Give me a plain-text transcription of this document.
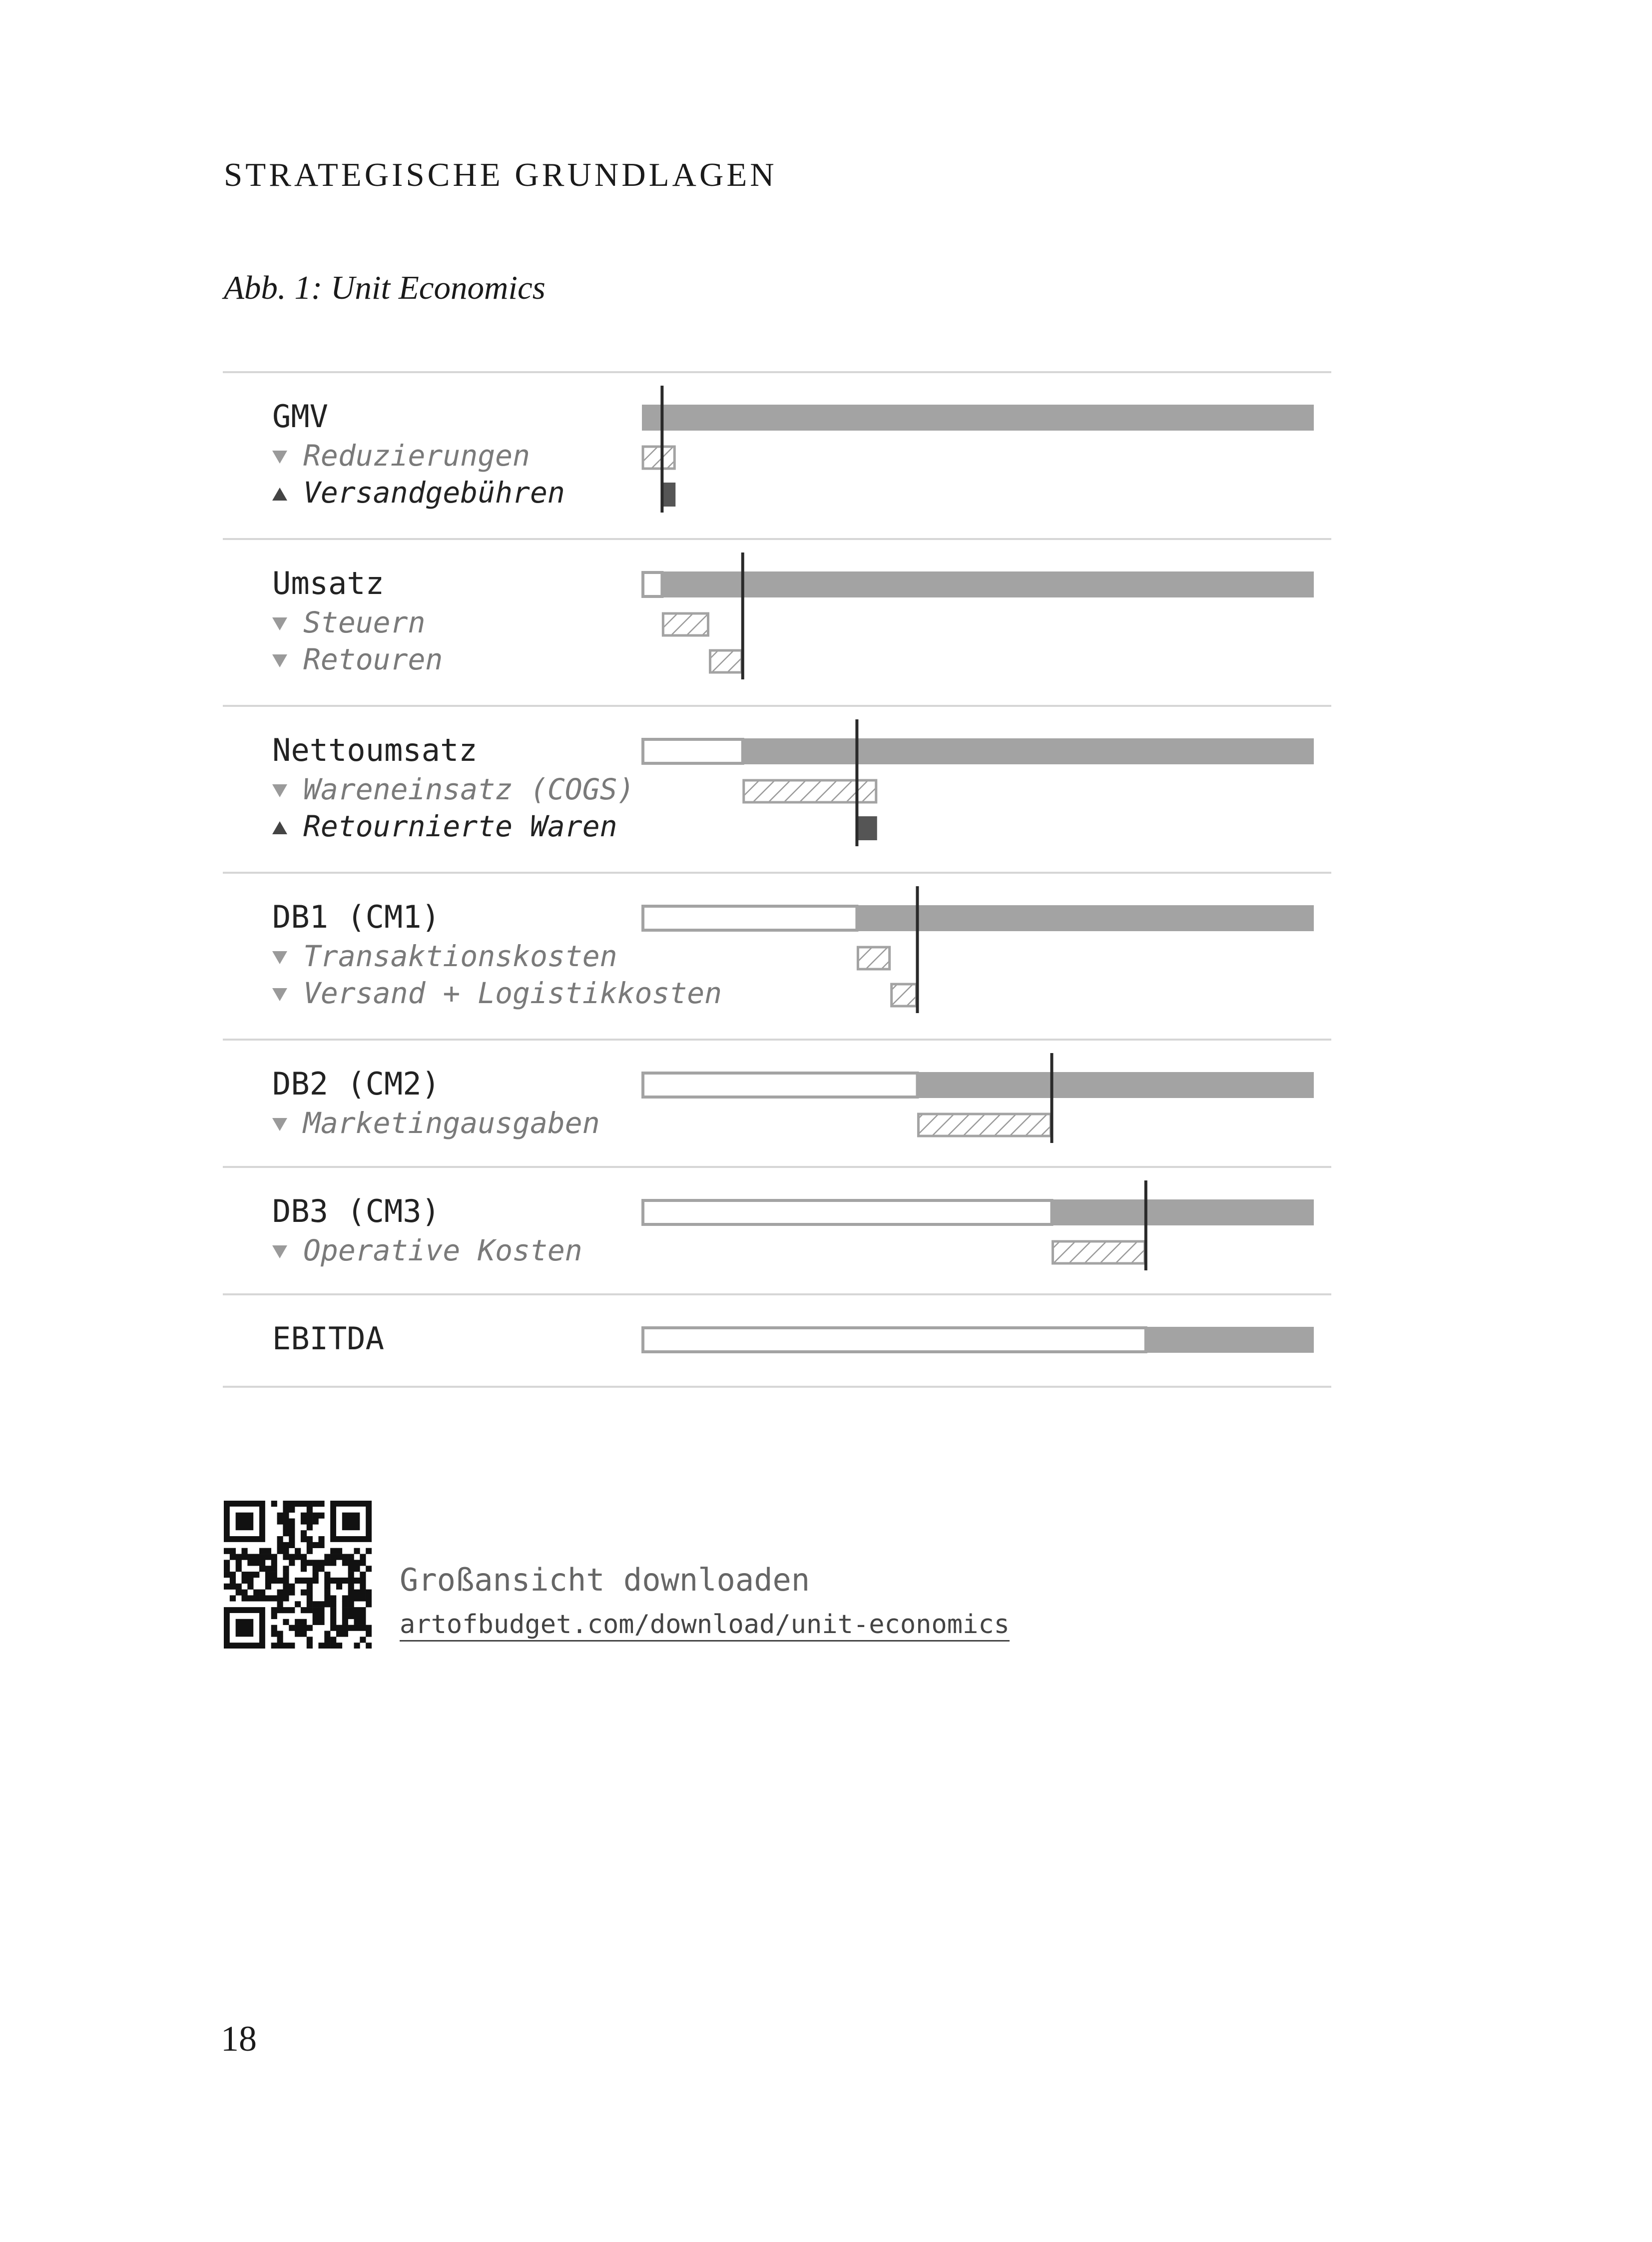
STRATEGISCHE GRUNDLAGEN
Abb. 1: Unit Economics
GMV
Reduzierungen
Versandgebühren
Umsatz
Steuern
Retouren
Nettoumsatz
Wareneinsatz (COGS)
Retournierte Waren
DB1 (CM1)
Transaktionskosten
Versand + Logistikkosten
DB2 (CM2)
Marketingausgaben
DB3 (CM3)
Operative Kosten
EBITDA
Großansicht downloaden
artofbudget.com/download/unit-economics
18
